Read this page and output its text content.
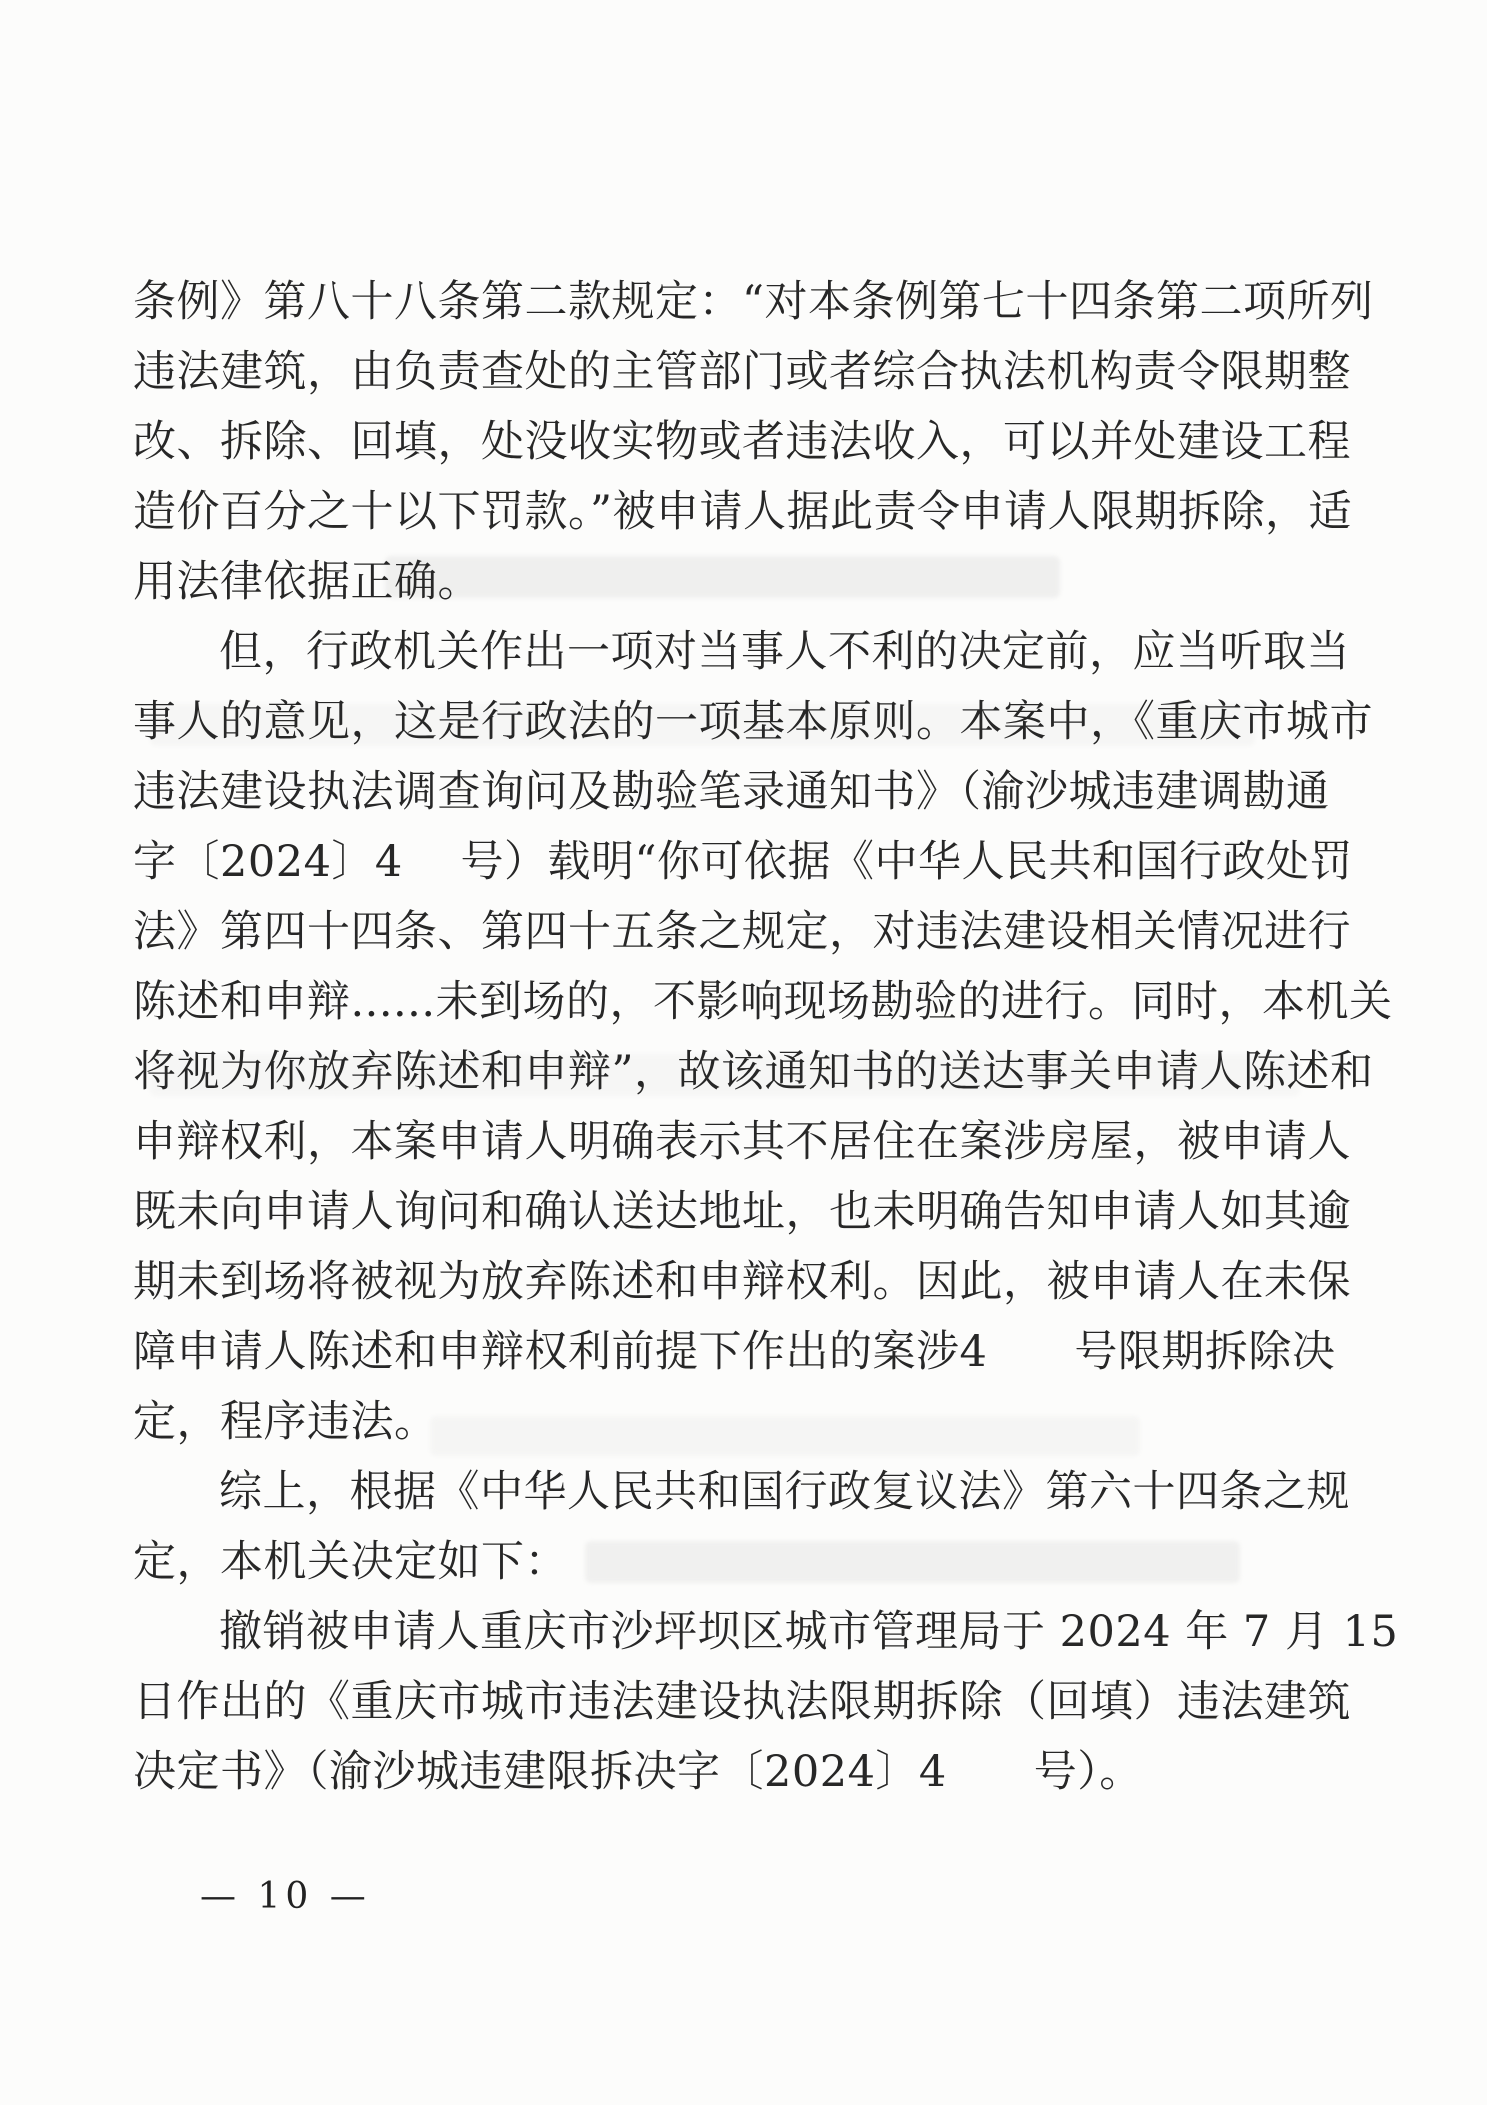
条例》第八十八条第二款规定：“对本条例第七十四条第二项所列

违法建筑，由负责查处的主管部门或者综合执法机构责令限期整

改、拆除、回填，处没收实物或者违法收入，可以并处建设工程

造价百分之十以下罚款。”被申请人据此责令申请人限期拆除，适

用法律依据正确。

但，行政机关作出一项对当事人不利的决定前，应当听取当

事人的意见，这是行政法的一项基本原则。本案中，《重庆市城市

违法建设执法调查询问及勘验笔录通知书》（渝沙城违建调勘通

字〔2024〕4　 号）载明“你可依据《中华人民共和国行政处罚

法》第四十四条、第四十五条之规定，对违法建设相关情况进行

陈述和申辩......未到场的，不影响现场勘验的进行。同时，本机关

将视为你放弃陈述和申辩”，故该通知书的送达事关申请人陈述和

申辩权利，本案申请人明确表示其不居住在案涉房屋，被申请人

既未向申请人询问和确认送达地址，也未明确告知申请人如其逾

期未到场将被视为放弃陈述和申辩权利。因此，被申请人在未保

障申请人陈述和申辩权利前提下作出的案涉4　　号限期拆除决

定，程序违法。

综上，根据《中华人民共和国行政复议法》第六十四条之规

定，本机关决定如下：

撤销被申请人重庆市沙坪坝区城市管理局于 2024 年 7 月 15

日作出的《重庆市城市违法建设执法限期拆除（回填）违法建筑

决定书》（渝沙城违建限拆决字〔2024〕4　　号）。

— 10 —
